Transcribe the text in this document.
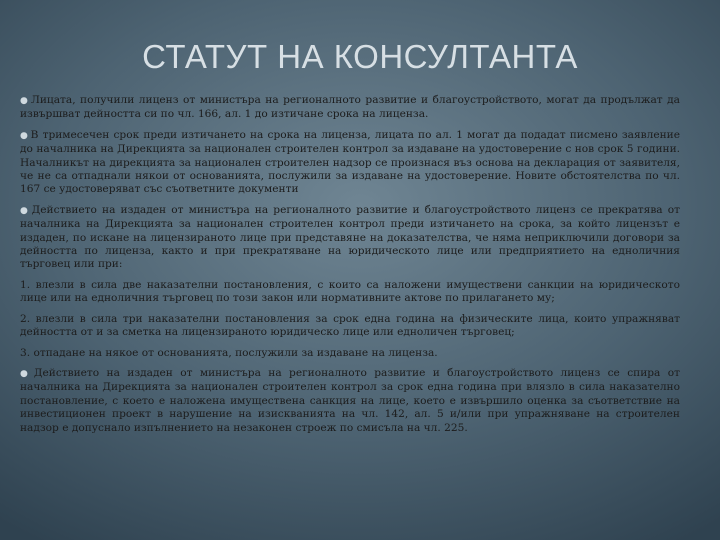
СТАТУТ НА КОНСУЛТАНТА

● Лицата, получили лиценз от министъра на регионалното развитие и благоустройството, могат да продължат да извършват дейността си по чл. 166, ал. 1 до изтичане срока на лиценза.

● В тримесечен срок преди изтичането на срока на лиценза, лицата по ал. 1 могат да подадат писмено заявление до началника на Дирекцията за национален строителен контрол за издаване на удостоверение с нов срок 5 години. Началникът на дирекцията за национален строителен надзор се произнася въз основа на декларация от заявителя, че не са отпаднали някои от основанията, послужили за издаване на удостоверение. Новите обстоятелства по чл. 167 се удостоверяват със съответните документи

● Действието на издаден от министъра на регионалното развитие и благоустройството лиценз се прекратява от началника на Дирекцията за национален строителен контрол преди изтичането на срока, за който лицензът е издаден, по искане на лицензираното лице при представяне на доказателства, че няма неприключили договори за дейността по лиценза, както и при прекратяване на юридическото лице или предприятието на едноличния търговец или при:

1. влезли в сила две наказателни постановления, с които са наложени имуществени санкции на юридическото лице или на едноличния търговец по този закон или нормативните актове по прилагането му;

2. влезли в сила три наказателни постановления за срок една година на физическите лица, които упражняват дейността от и за сметка на лицензираното юридическо лице или едноличен търговец;

3. отпадане на някое от основанията, послужили за издаване на лиценза.

● Действието на издаден от министъра на регионалното развитие и благоустройството лиценз се спира от началника на Дирекцията за национален строителен контрол за срок една година при влязло в сила наказателно постановление, с което е наложена имуществена санкция на лице, което е извършило оценка за съответствие на инвестиционен проект в нарушение на изискванията на чл. 142, ал. 5 и/или при упражняване на строителен надзор е допуснало изпълнението на незаконен строеж по смисъла на чл. 225.
